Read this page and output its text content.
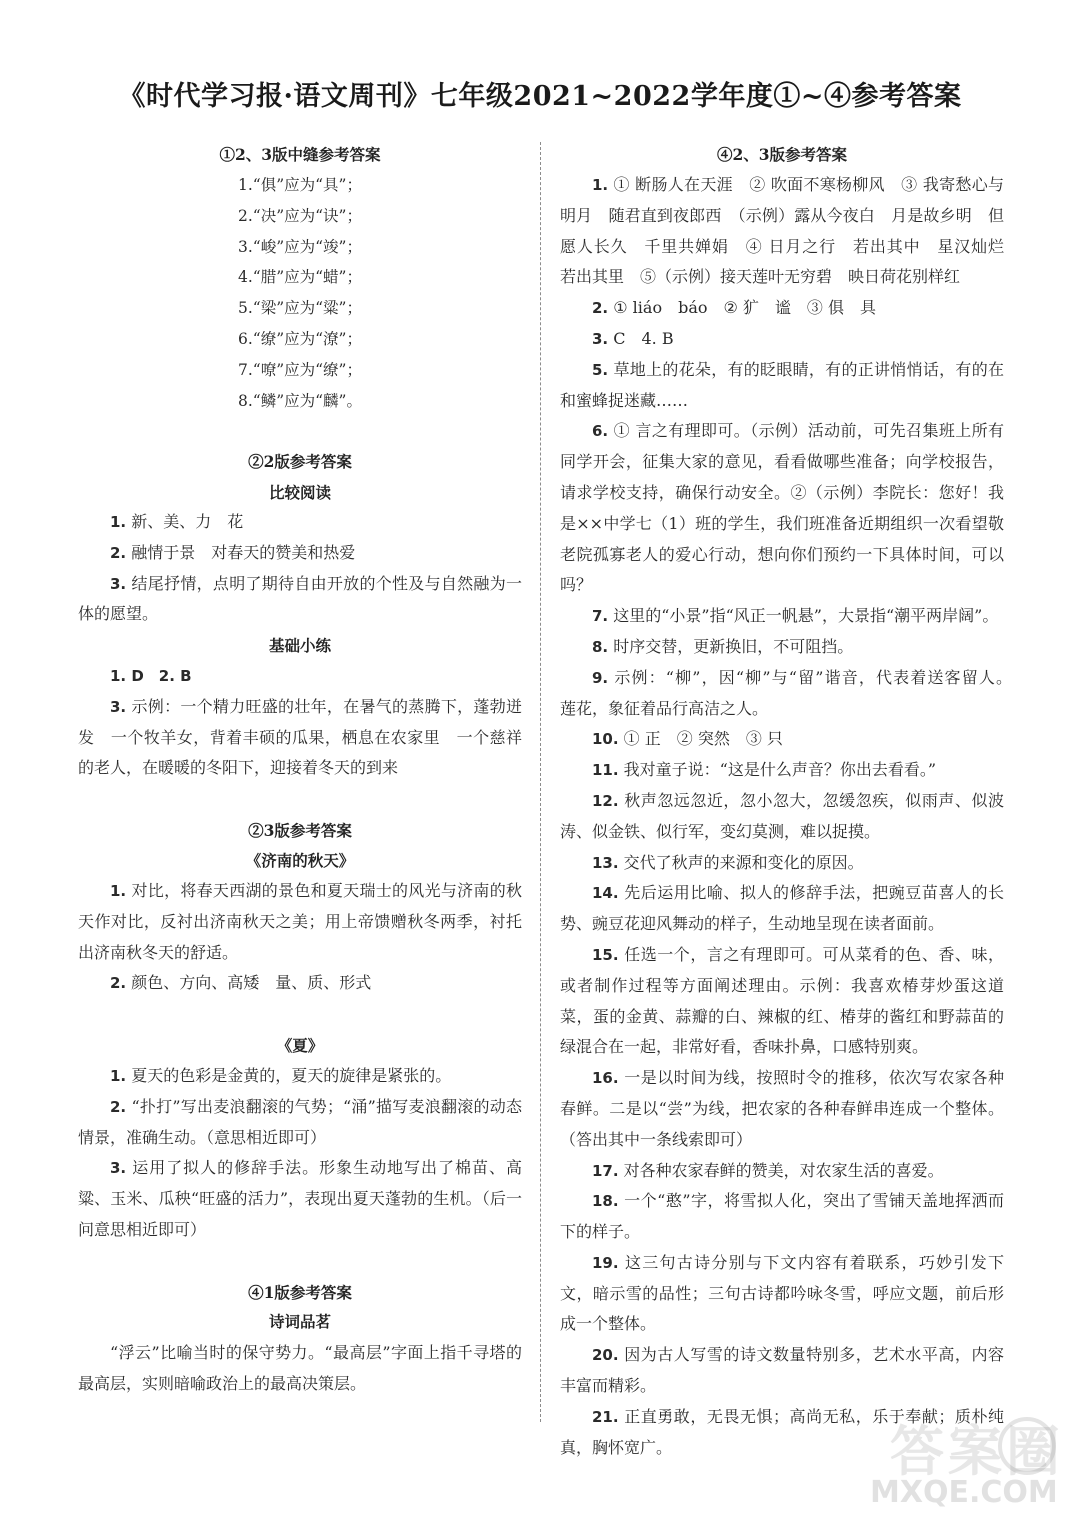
《时代学习报·语文周刊》七年级2021~2022学年度①~④参考答案
①2、3版中缝参考答案
1.“俱”应为“具”；
2.“决”应为“诀”；
3.“峻”应为“竣”；
4.“腊”应为“蜡”；
5.“梁”应为“粱”；
6.“缭”应为“潦”；
7.“嘹”应为“缭”；
8.“鳞”应为“麟”。
②2版参考答案
比较阅读

1. 新、美、力　花

2. 融情于景　对春天的赞美和热爱

3. 结尾抒情，点明了期待自由开放的个性及与自然融为一体的愿望。

基础小练

1. D　2. B

3. 示例：一个精力旺盛的壮年，在暑气的蒸腾下，蓬勃迸发　一个牧羊女，背着丰硕的瓜果，栖息在农家里　一个慈祥的老人，在暖暖的冬阳下，迎接着冬天的到来

②3版参考答案
《济南的秋天》

1. 对比，将春天西湖的景色和夏天瑞士的风光与济南的秋天作对比，反衬出济南秋天之美；用上帝馈赠秋冬两季，衬托出济南秋冬天的舒适。

2. 颜色、方向、高矮　量、质、形式

《夏》

1. 夏天的色彩是金黄的，夏天的旋律是紧张的。

2. “扑打”写出麦浪翻滚的气势；“涌”描写麦浪翻滚的动态情景，准确生动。（意思相近即可）

3. 运用了拟人的修辞手法。形象生动地写出了棉苗、高粱、玉米、瓜秧“旺盛的活力”，表现出夏天蓬勃的生机。（后一问意思相近即可）

④1版参考答案
诗词品茗

“浮云”比喻当时的保守势力。“最高层”字面上指千寻塔的最高层，实则暗喻政治上的最高决策层。

④2、3版参考答案

1. ① 断肠人在天涯　② 吹面不寒杨柳风　③ 我寄愁心与明月　随君直到夜郎西　（示例）露从今夜白　月是故乡明　但愿人长久　千里共婵娟　④ 日月之行　若出其中　星汉灿烂　若出其里　⑤（示例）接天莲叶无穷碧　映日荷花别样红

2. ① liáo　báo　② 犷　谧　③ 俱　具

3. C　4. B

5. 草地上的花朵，有的眨眼睛，有的正讲悄悄话，有的在和蜜蜂捉迷藏……

6. ① 言之有理即可。（示例）活动前，可先召集班上所有同学开会，征集大家的意见，看看做哪些准备；向学校报告，请求学校支持，确保行动安全。②（示例）李院长：您好！我是××中学七（1）班的学生，我们班准备近期组织一次看望敬老院孤寡老人的爱心行动，想向你们预约一下具体时间，可以吗？

7. 这里的“小景”指“风正一帆悬”，大景指“潮平两岸阔”。

8. 时序交替，更新换旧，不可阻挡。

9. 示例：“柳”，因“柳”与“留”谐音，代表着送客留人。　莲花，象征着品行高洁之人。

10. ① 正　② 突然　③ 只

11. 我对童子说：“这是什么声音？你出去看看。”

12. 秋声忽远忽近，忽小忽大，忽缓忽疾，似雨声、似波涛、似金铁、似行军，变幻莫测，难以捉摸。

13. 交代了秋声的来源和变化的原因。

14. 先后运用比喻、拟人的修辞手法，把豌豆苗喜人的长势、豌豆花迎风舞动的样子，生动地呈现在读者面前。

15. 任选一个，言之有理即可。可从菜肴的色、香、味，或者制作过程等方面阐述理由。示例：我喜欢椿芽炒蛋这道菜，蛋的金黄、蒜瓣的白、辣椒的红、椿芽的酱红和野蒜苗的绿混合在一起，非常好看，香味扑鼻，口感特别爽。

16. 一是以时间为线，按照时令的推移，依次写农家各种春鲜。二是以“尝”为线，把农家的各种春鲜串连成一个整体。（答出其中一条线索即可）

17. 对各种农家春鲜的赞美，对农家生活的喜爱。

18. 一个“憨”字，将雪拟人化，突出了雪铺天盖地挥洒而下的样子。

19. 这三句古诗分别与下文内容有着联系，巧妙引发下文，暗示雪的品性；三句古诗都吟咏冬雪，呼应文题，前后形成一个整体。

20. 因为古人写雪的诗文数量特别多，艺术水平高，内容丰富而精彩。

21. 正直勇敢，无畏无惧；高尚无私，乐于奉献；质朴纯真，胸怀宽广。	答案圈
MXQE.COM
